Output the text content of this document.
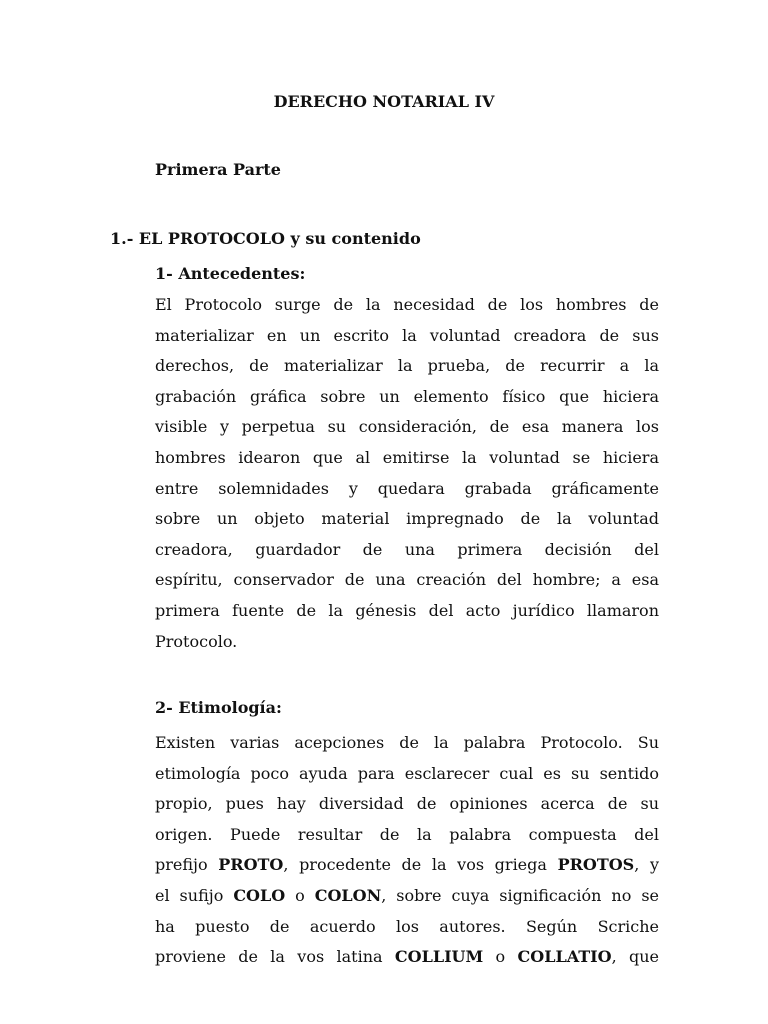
DERECHO NOTARIAL IV
Primera Parte
1.- EL PROTOCOLO y su contenido
1- Antecedentes:
El Protocolo surge de la necesidad de los hombres de
materializar en un escrito la voluntad creadora de sus
derechos, de materializar la prueba, de recurrir a la
grabación gráfica sobre un elemento físico que hiciera
visible y perpetua su consideración, de esa manera los
hombres idearon que al emitirse la voluntad se hiciera
entre solemnidades y quedara grabada gráficamente
sobre un objeto material impregnado de la voluntad
creadora, guardador de una primera decisión del
espíritu, conservador de una creación del hombre; a esa
primera fuente de la génesis del acto jurídico llamaron
Protocolo.
2- Etimología:
Existen varias acepciones de la palabra Protocolo. Su
etimología poco ayuda para esclarecer cual es su sentido
propio, pues hay diversidad de opiniones acerca de su
origen. Puede resultar de la palabra compuesta del
prefijo PROTO, procedente de la vos griega PROTOS, y
el sufijo COLO o COLON, sobre cuya significación no se
ha puesto de acuerdo los autores. Según Scriche
proviene de la vos latina COLLIUM o COLLATIO, que
